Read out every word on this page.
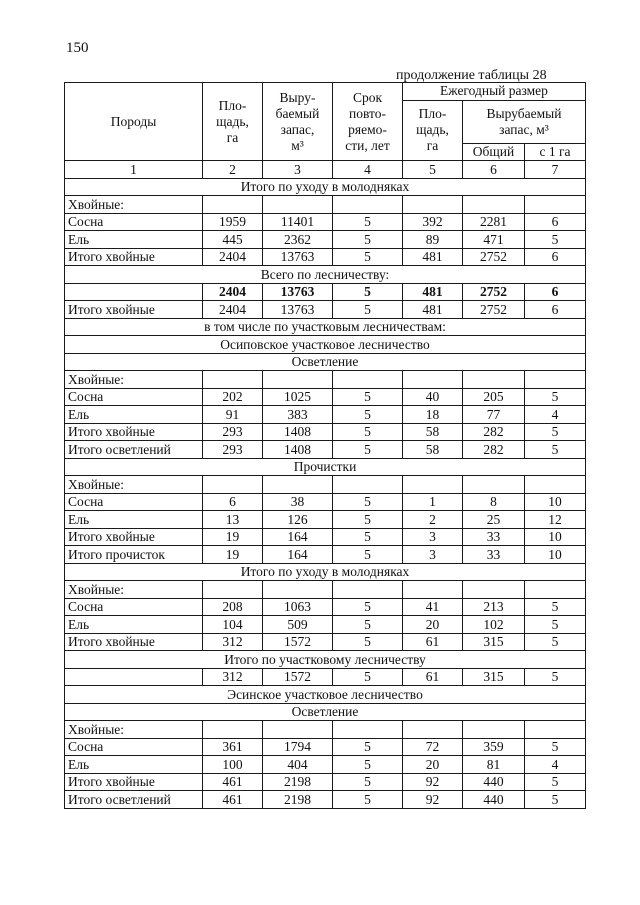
150
продолжение таблицы 28
Породы	Пло-
щадь,
га	Выру-
баемый
запас,
м³	Срок
повто-
ряемо-
сти, лет	Ежегодный размер		
				Пло-
щадь,
га	Вырубаемый
запас, м³	
					Общий	с 1 га
1	2	3	4	5	6	7
Итого по уходу в молодняках						
Хвойные:						
Сосна	1959	11401	5	392	2281	6
Ель	445	2362	5	89	471	5
Итого хвойные	2404	13763	5	481	2752	6
Всего по лесничеству:						
	2404	13763	5	481	2752	6
Итого хвойные	2404	13763	5	481	2752	6
в том числе по участковым лесничествам:						
Осиповское участковое лесничество						
Осветление						
Хвойные:						
Сосна	202	1025	5	40	205	5
Ель	91	383	5	18	77	4
Итого хвойные	293	1408	5	58	282	5
Итого осветлений	293	1408	5	58	282	5
Прочистки						
Хвойные:						
Сосна	6	38	5	1	8	10
Ель	13	126	5	2	25	12
Итого хвойные	19	164	5	3	33	10
Итого прочисток	19	164	5	3	33	10
Итого по уходу в молодняках						
Хвойные:						
Сосна	208	1063	5	41	213	5
Ель	104	509	5	20	102	5
Итого хвойные	312	1572	5	61	315	5
Итого по участковому лесничеству						
	312	1572	5	61	315	5
Эсинское участковое лесничество						
Осветление						
Хвойные:						
Сосна	361	1794	5	72	359	5
Ель	100	404	5	20	81	4
Итого хвойные	461	2198	5	92	440	5
Итого осветлений	461	2198	5	92	440	5
